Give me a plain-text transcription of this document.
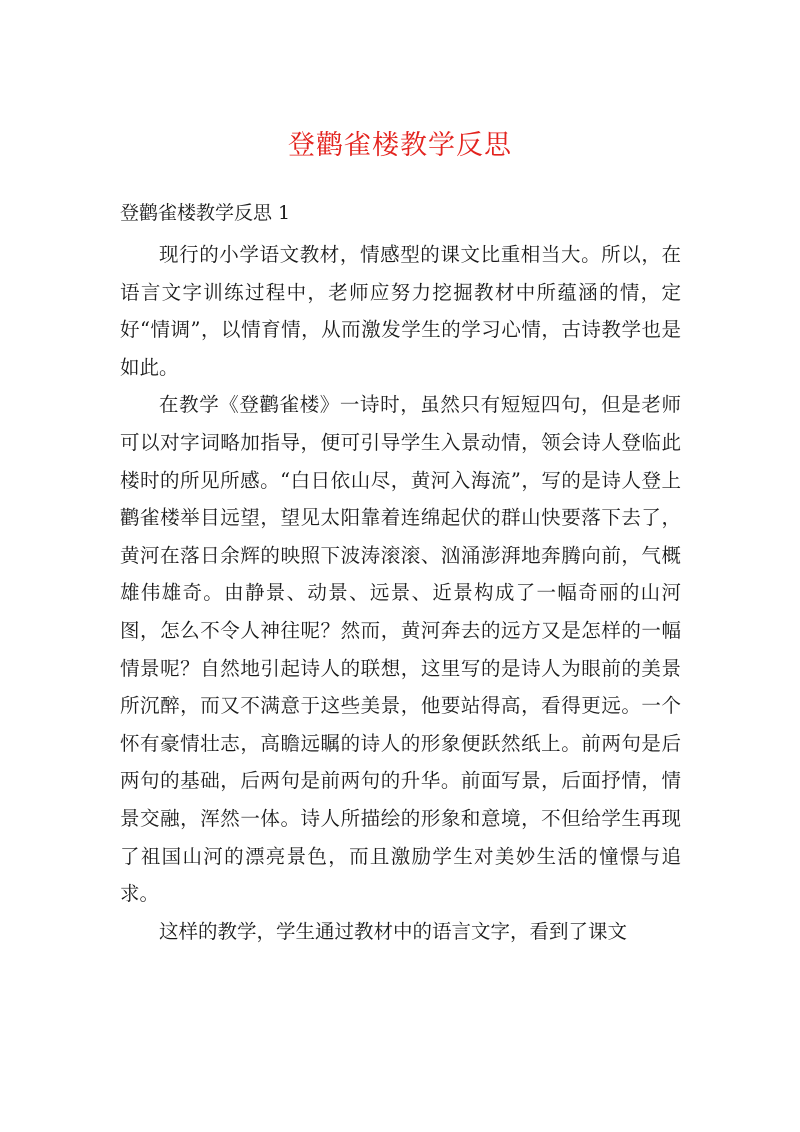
登鹳雀楼教学反思
登鹳雀楼教学反思 1

现行的小学语文教材，情感型的课文比重相当大。所以，在语言文字训练过程中，老师应努力挖掘教材中所蕴涵的情，定好“情调”，以情育情，从而激发学生的学习心情，古诗教学也是如此。

在教学《登鹳雀楼》一诗时，虽然只有短短四句，但是老师可以对字词略加指导，便可引导学生入景动情，领会诗人登临此楼时的所见所感。“白日依山尽，黄河入海流”，写的是诗人登上鹳雀楼举目远望，望见太阳靠着连绵起伏的群山快要落下去了，黄河在落日余辉的映照下波涛滚滚、汹涌澎湃地奔腾向前，气概雄伟雄奇。由静景、动景、远景、近景构成了一幅奇丽的山河图，怎么不令人神往呢？然而，黄河奔去的远方又是怎样的一幅情景呢？自然地引起诗人的联想，这里写的是诗人为眼前的美景所沉醉，而又不满意于这些美景，他要站得高，看得更远。一个怀有豪情壮志，高瞻远瞩的诗人的形象便跃然纸上。前两句是后两句的基础，后两句是前两句的升华。前面写景，后面抒情，情景交融，浑然一体。诗人所描绘的形象和意境，不但给学生再现了祖国山河的漂亮景色，而且激励学生对美妙生活的憧憬与追求。

这样的教学，学生通过教材中的语言文字，看到了课文
